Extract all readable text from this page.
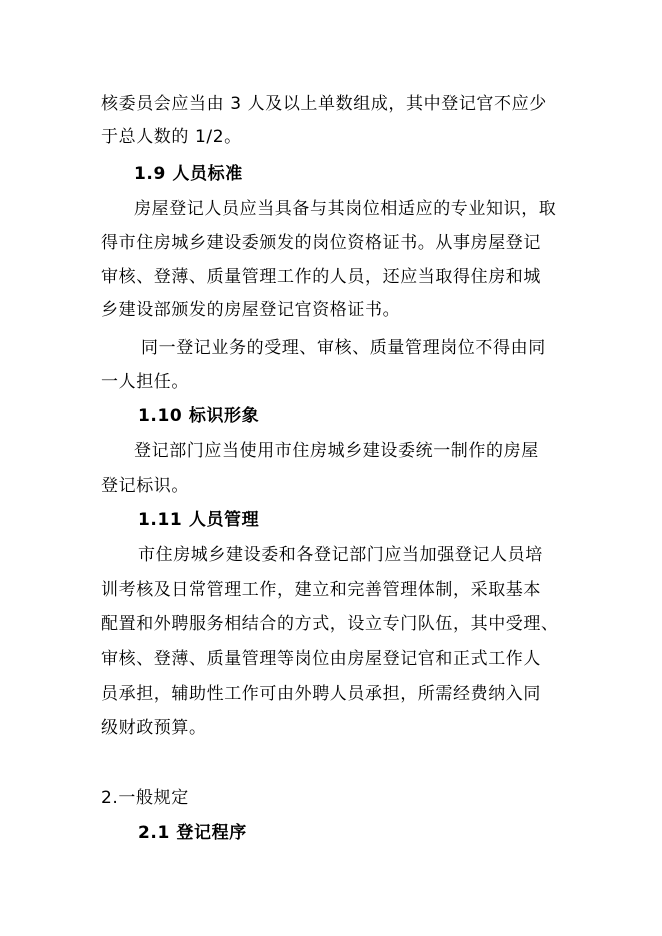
核委员会应当由 3 人及以上单数组成，其中登记官不应少
于总人数的 1/2。
1.9 人员标准
房屋登记人员应当具备与其岗位相适应的专业知识，取
得市住房城乡建设委颁发的岗位资格证书。从事房屋登记
审核、登薄、质量管理工作的人员，还应当取得住房和城
乡建设部颁发的房屋登记官资格证书。
同一登记业务的受理、审核、质量管理岗位不得由同
一人担任。
1.10 标识形象
登记部门应当使用市住房城乡建设委统一制作的房屋
登记标识。
1.11 人员管理
市住房城乡建设委和各登记部门应当加强登记人员培
训考核及日常管理工作，建立和完善管理体制，采取基本
配置和外聘服务相结合的方式，设立专门队伍，其中受理、
审核、登薄、质量管理等岗位由房屋登记官和正式工作人
员承担，辅助性工作可由外聘人员承担，所需经费纳入同
级财政预算。
2.一般规定
2.1 登记程序
